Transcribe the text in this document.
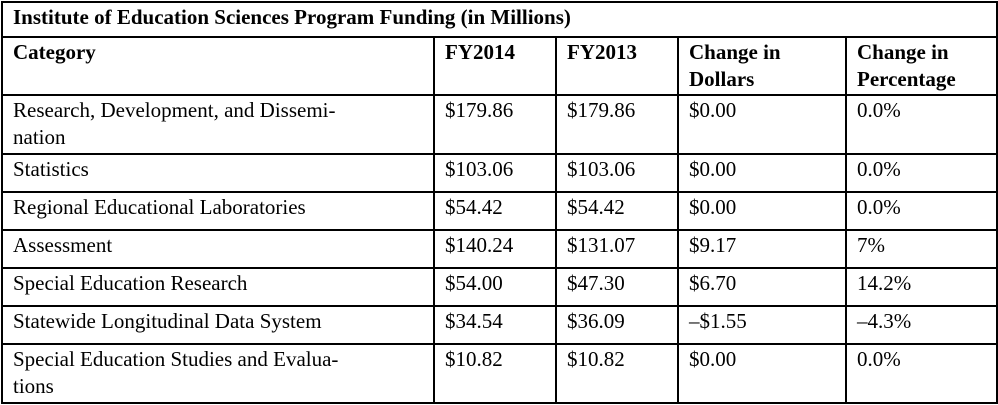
Institute of Education Sciences Program Funding (in Millions)				
Category	FY2014	FY2013	Change in Dollars	Change in Percentage
Research, Development, and Dissemi-
nation	$179.86	$179.86	$0.00	0.0%
Statistics	$103.06	$103.06	$0.00	0.0%
Regional Educational Laboratories	$54.42	$54.42	$0.00	0.0%
Assessment	$140.24	$131.07	$9.17	7%
Special Education Research	$54.00	$47.30	$6.70	14.2%
Statewide Longitudinal Data System	$34.54	$36.09	–$1.55	–4.3%
Special Education Studies and Evalua-
tions	$10.82	$10.82	$0.00	0.0%
